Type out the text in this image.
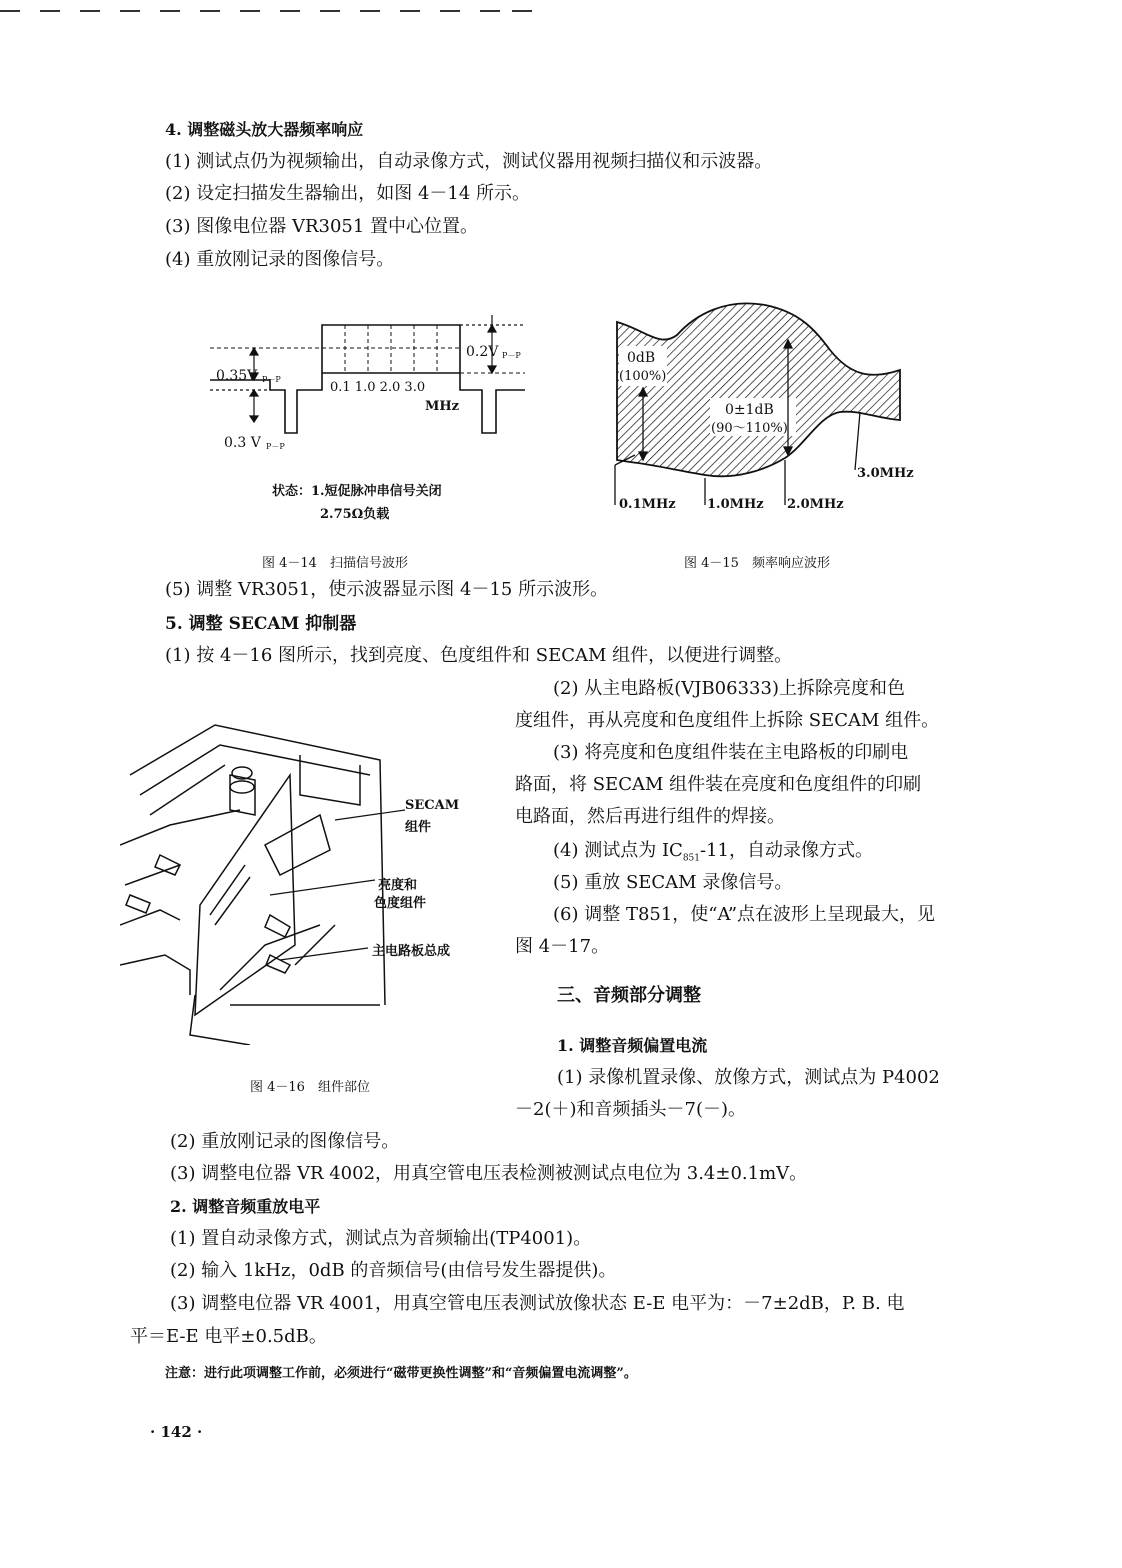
4. 调整磁头放大器频率响应
(1) 测试点仍为视频输出，自动录像方式，测试仪器用视频扫描仪和示波器。
(2) 设定扫描发生器输出，如图 4－14 所示。
(3) 图像电位器 VR3051 置中心位置。
(4) 重放刚记录的图像信号。
0.35V P－P
0.3 V P－P
0.2V P－P
0.1 1.0 2.0 3.0
MHz
状态：1.短促脉冲串信号关闭
2.75Ω负载
图 4－14　扫描信号波形
0dB
(100%)
0±1dB
(90～110%)
0.1MHz 1.0MHz 2.0MHz
3.0MHz
图 4－15　频率响应波形
(5) 调整 VR3051，使示波器显示图 4－15 所示波形。
5. 调整 SECAM 抑制器
(1) 按 4－16 图所示，找到亮度、色度组件和 SECAM 组件，以便进行调整。
(2) 从主电路板(VJB06333)上拆除亮度和色
度组件，再从亮度和色度组件上拆除 SECAM 组件。
(3) 将亮度和色度组件装在主电路板的印刷电
路面，将 SECAM 组件装在亮度和色度组件的印刷
电路面，然后再进行组件的焊接。
(4) 测试点为 $IC_{851}-11$，自动录像方式。
(5) 重放 SECAM 录像信号。
(6) 调整 T851，使“A”点在波形上呈现最大，见
图 4－17。
SECAM
组件
亮度和
色度组件
主电路板总成
图 4－16　组件部位
三、音频部分调整
1. 调整音频偏置电流
(1) 录像机置录像、放像方式，测试点为 P4002
－2(＋)和音频插头－7(－)。
(2) 重放刚记录的图像信号。
(3) 调整电位器 VR 4002，用真空管电压表检测被测试点电位为 3.4±0.1mV。
2. 调整音频重放电平
(1) 置自动录像方式，测试点为音频输出(TP4001)。
(2) 输入 1kHz，0dB 的音频信号(由信号发生器提供)。
(3) 调整电位器 VR 4001，用真空管电压表测试放像状态 E-E 电平为：－7±2dB，P. B. 电
平＝E-E 电平±0.5dB。
注意：进行此项调整工作前，必须进行“磁带更换性调整”和“音频偏置电流调整”。
· 142 ·
